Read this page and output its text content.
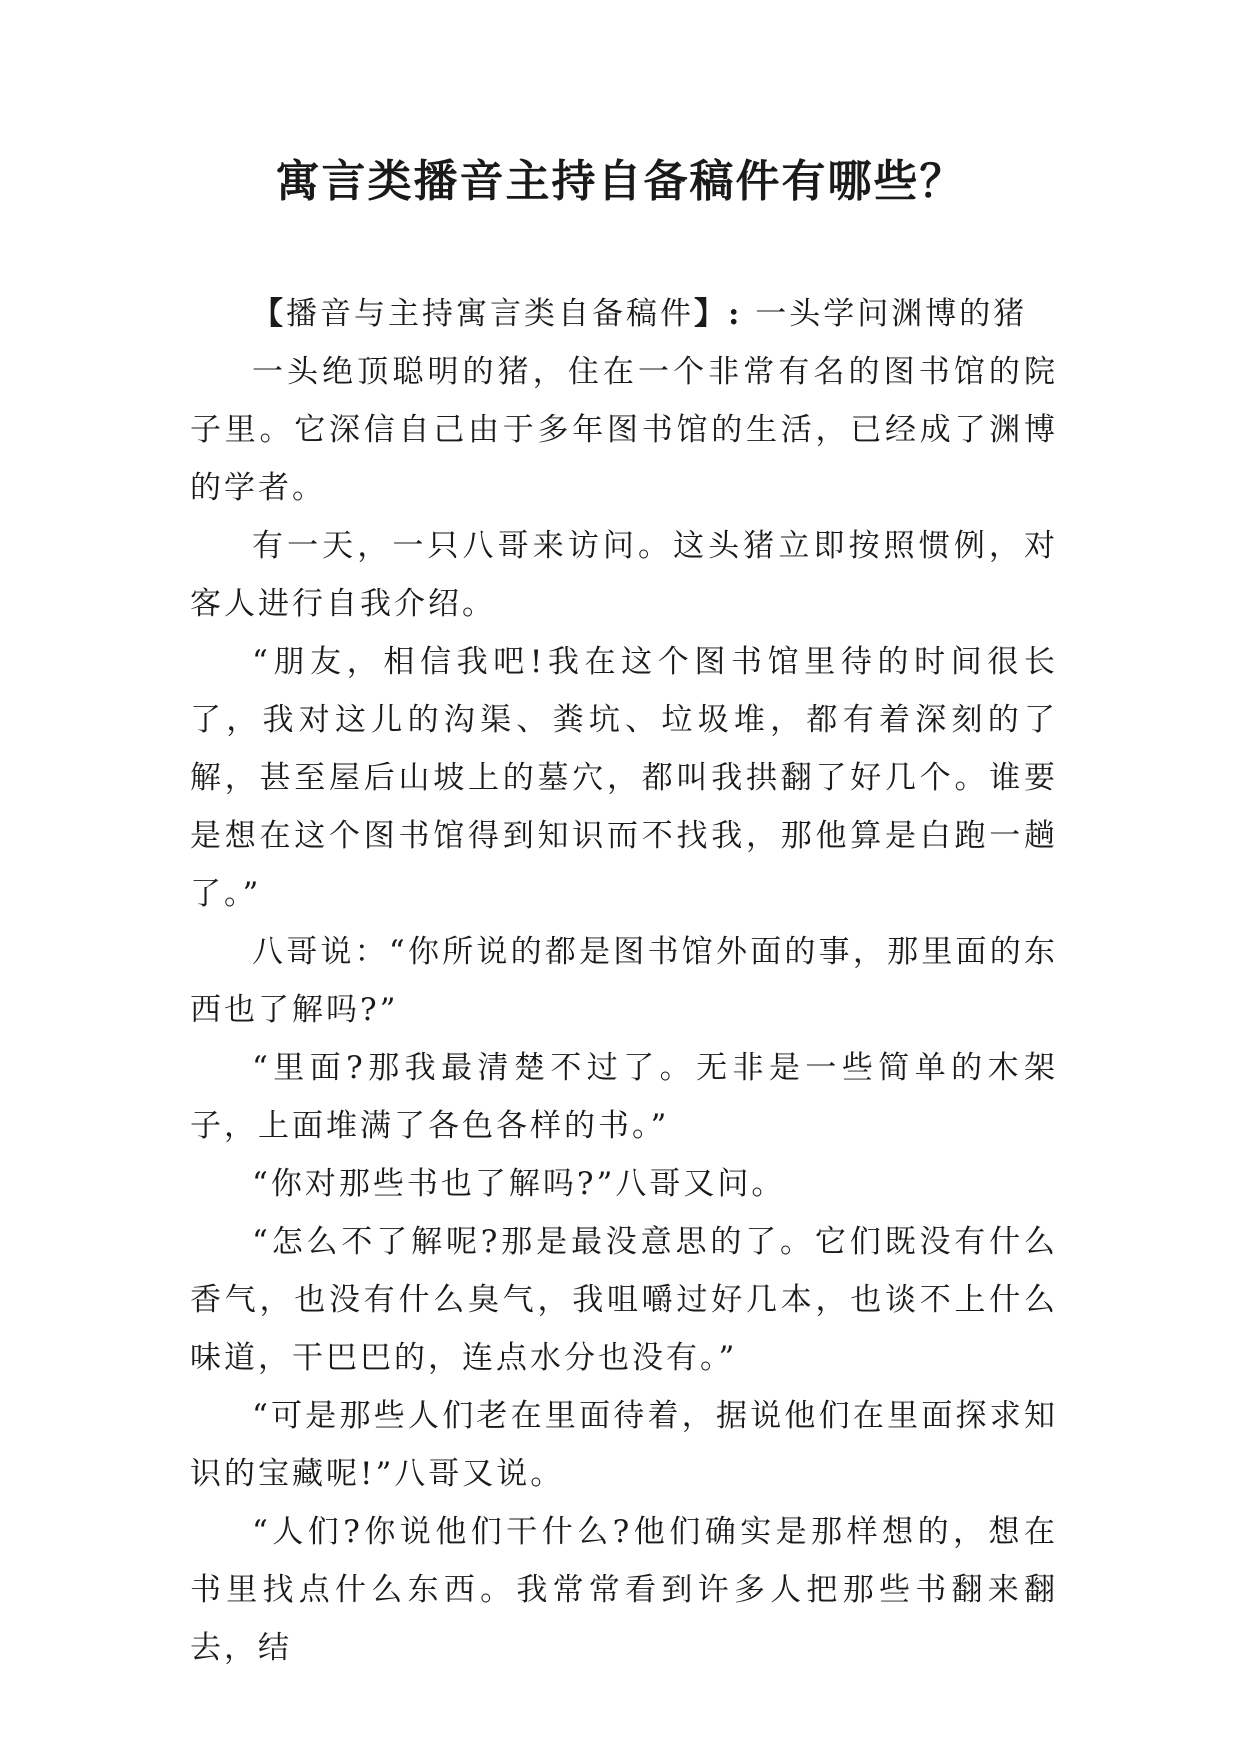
寓言类播音主持自备稿件有哪些？

【播音与主持寓言类自备稿件】: 一头学问渊博的猪

一头绝顶聪明的猪，住在一个非常有名的图书馆的院子里。它深信自己由于多年图书馆的生活，已经成了渊博的学者。

有一天，一只八哥来访问。这头猪立即按照惯例，对客人进行自我介绍。

“朋友，相信我吧!我在这个图书馆里待的时间很长了，我对这儿的沟渠、粪坑、垃圾堆，都有着深刻的了解，甚至屋后山坡上的墓穴，都叫我拱翻了好几个。谁要是想在这个图书馆得到知识而不找我，那他算是白跑一趟了。”

八哥说：“你所说的都是图书馆外面的事，那里面的东西也了解吗?”

“里面?那我最清楚不过了。无非是一些简单的木架子，上面堆满了各色各样的书。”

“你对那些书也了解吗?”八哥又问。

“怎么不了解呢?那是最没意思的了。它们既没有什么香气，也没有什么臭气，我咀嚼过好几本，也谈不上什么味道，干巴巴的，连点水分也没有。”

“可是那些人们老在里面待着，据说他们在里面探求知识的宝藏呢!”八哥又说。

“人们?你说他们干什么?他们确实是那样想的，想在书里找点什么东西。我常常看到许多人把那些书翻来翻去，结
